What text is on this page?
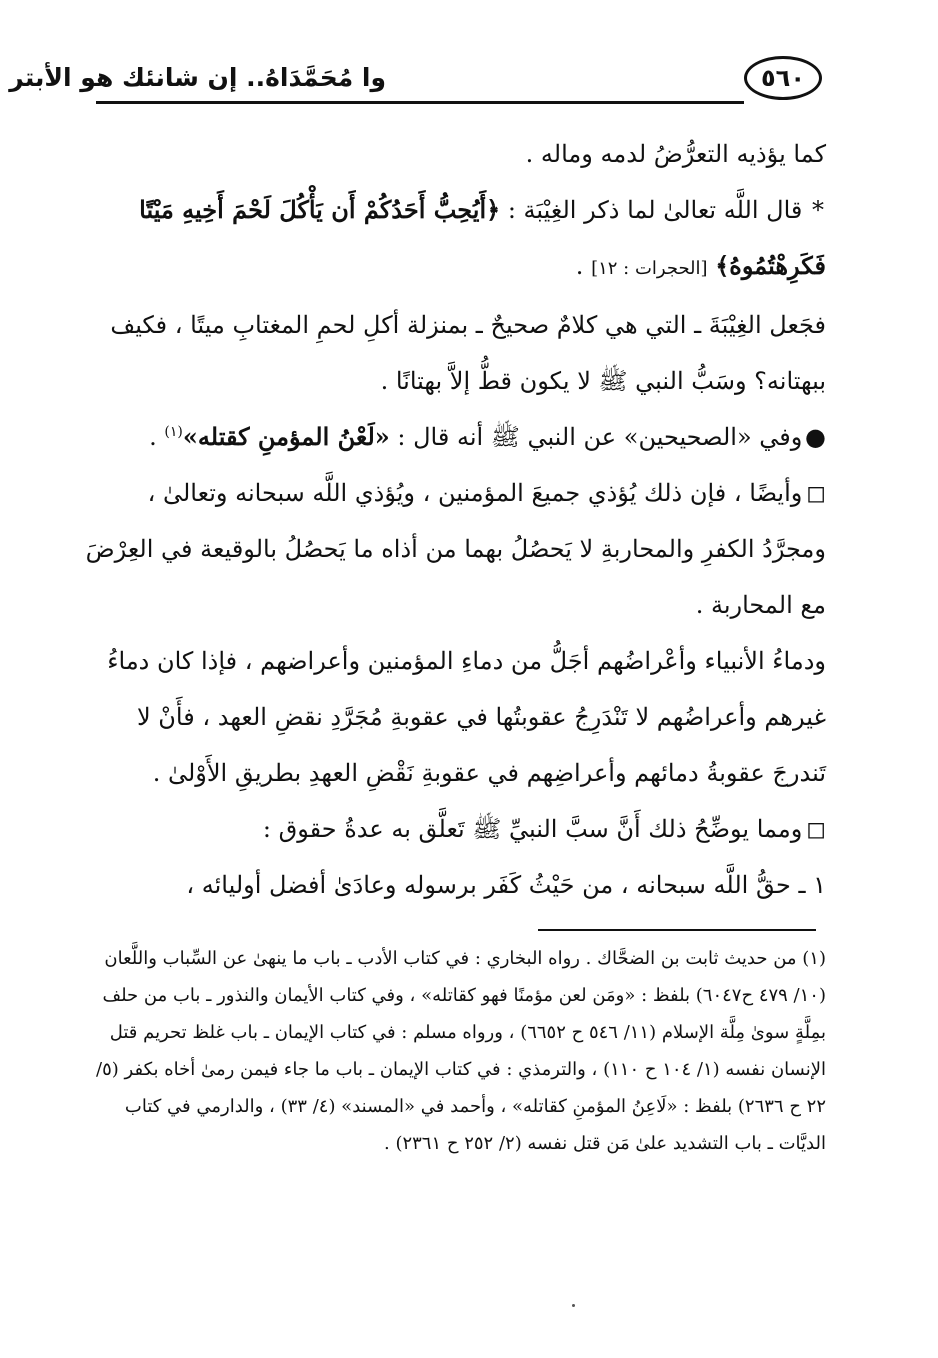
وا مُحَمَّدَاهُ.. إن شانئك هو الأبتر	٥٦٠

كما يؤذيه التعرُّضُ لدمه وماله .

* قال اللَّه تعالىٰ لما ذكر الغِيْبَة : ﴿أَيُحِبُّ أَحَدُكُمْ أَن يَأْكُلَ لَحْمَ أَخِيهِ مَيْتًا فَكَرِهْتُمُوهُ﴾ [الحجرات : ١٢] .

فجَعل الغِيْبَةَ ـ التي هي كلامٌ صحيحٌ ـ بمنزلة أكلِ لحمِ المغتابِ ميتًا ، فكيف ببهتانه؟ وسَبُّ النبي ﷺ لا يكون قطُّ إلاَّ بهتانًا .

● وفي «الصحيحين» عن النبي ﷺ أنه قال : «لَعْنُ المؤمنِ كقتله»$^{(١)}$ .

◻ وأيضًا ، فإن ذلك يُؤذي جميعَ المؤمنين ، ويُؤذي اللَّه سبحانه وتعالىٰ ، ومجرَّدُ الكفرِ والمحاربةِ لا يَحصُلُ بهما من أذاه ما يَحصُلُ بالوقيعة في العِرْضَ مع المحاربة .

ودماءُ الأنبياء وأعْراضُهم أجَلُّ من دماءِ المؤمنين وأعراضهم ، فإذا كان دماءُ غيرهم وأعراضُهم لا تَنْدَرِجُ عقوبتُها في عقوبةِ مُجَرَّدِ نقضِ العهد ، فأَنْ لا تَندرجَ عقوبةُ دمائهم وأعراضِهم في عقوبةِ نَقْضِ العهدِ بطريقِ الأَوْلىٰ .

◻ ومما يوضِّحُ ذلك أَنَّ سبَّ النبيِّ ﷺ تَعلَّق به عدةُ حقوق :

١ ـ حقُّ اللَّه سبحانه ، من حَيْثُ كَفَر برسوله وعادَىٰ أفضل أوليائه ،

(١) من حديث ثابت بن الضحَّاك . رواه البخاري : في كتاب الأدب ـ باب ما ينهىٰ عن السِّباب واللَّعان (١٠/ ٤٧٩ ح٦٠٤٧) بلفظ : «ومَن لعن مؤمنًا فهو كقاتله» ، وفي كتاب الأيمان والنذور ـ باب من حلف بمِلَّةٍ سوىٰ مِلَّة الإسلام (١١/ ٥٤٦ ح ٦٦٥٢) ، ورواه مسلم : في كتاب الإيمان ـ باب غلظ تحريم قتل الإنسان نفسه (١/ ١٠٤ ح ١١٠) ، والترمذي : في كتاب الإيمان ـ باب ما جاء فيمن رمىٰ أخاه بكفر (٥/ ٢٢ ح ٢٦٣٦) بلفظ : «لَاعِنُ المؤمنِ كقاتله» ، وأحمد في «المسند» (٤/ ٣٣) ، والدارمي في كتاب الديَّات ـ باب التشديد علىٰ مَن قتل نفسه (٢/ ٢٥٢ ح ٢٣٦١) .
